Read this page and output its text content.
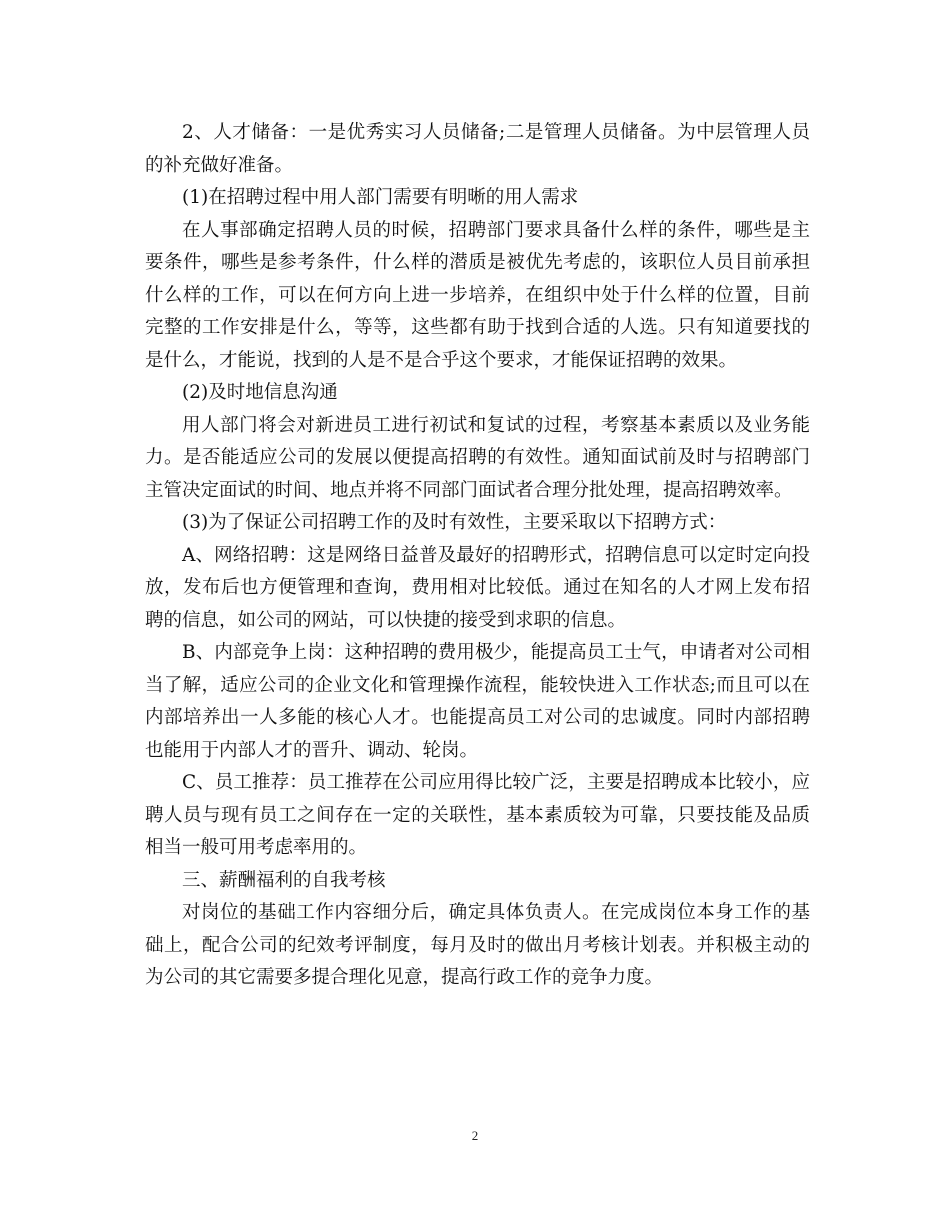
2、人才储备：一是优秀实习人员储备;二是管理人员储备。为中层管理人员的补充做好准备。

(1)在招聘过程中用人部门需要有明晰的用人需求

在人事部确定招聘人员的时候，招聘部门要求具备什么样的条件，哪些是主要条件，哪些是参考条件，什么样的潜质是被优先考虑的，该职位人员目前承担什么样的工作，可以在何方向上进一步培养，在组织中处于什么样的位置，目前完整的工作安排是什么，等等，这些都有助于找到合适的人选。只有知道要找的是什么，才能说，找到的人是不是合乎这个要求，才能保证招聘的效果。

(2)及时地信息沟通

用人部门将会对新进员工进行初试和复试的过程，考察基本素质以及业务能力。是否能适应公司的发展以便提高招聘的有效性。通知面试前及时与招聘部门主管决定面试的时间、地点并将不同部门面试者合理分批处理，提高招聘效率。

(3)为了保证公司招聘工作的及时有效性，主要采取以下招聘方式：

A、网络招聘：这是网络日益普及最好的招聘形式，招聘信息可以定时定向投放，发布后也方便管理和查询，费用相对比较低。通过在知名的人才网上发布招聘的信息，如公司的网站，可以快捷的接受到求职的信息。

B、内部竞争上岗：这种招聘的费用极少，能提高员工士气，申请者对公司相当了解，适应公司的企业文化和管理操作流程，能较快进入工作状态;而且可以在内部培养出一人多能的核心人才。也能提高员工对公司的忠诚度。同时内部招聘也能用于内部人才的晋升、调动、轮岗。

C、员工推荐：员工推荐在公司应用得比较广泛，主要是招聘成本比较小，应聘人员与现有员工之间存在一定的关联性，基本素质较为可靠，只要技能及品质相当一般可用考虑率用的。

三、薪酬福利的自我考核

对岗位的基础工作内容细分后，确定具体负责人。在完成岗位本身工作的基础上，配合公司的纪效考评制度，每月及时的做出月考核计划表。并积极主动的为公司的其它需要多提合理化见意，提高行政工作的竞争力度。

2
